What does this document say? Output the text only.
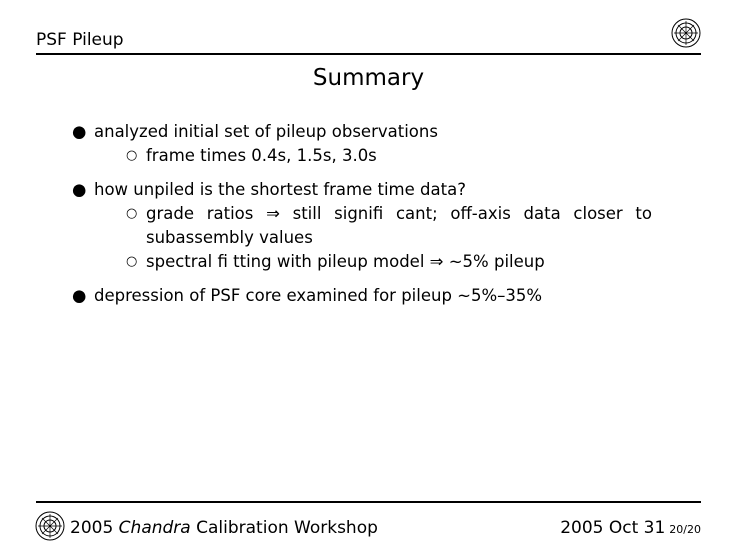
PSF Pileup
Summary
● analyzed initial set of pileup observations
○ frame times 0.4s, 1.5s, 3.0s
● how unpiled is the shortest frame time data?
○ grade ratios ⇒ still signifi cant; off-axis data closer to
subassembly values
○ spectral fi tting with pileup model ⇒ ∼5% pileup
● depression of PSF core examined for pileup ∼5%–35%
2005 Chandra Calibration Workshop	2005 Oct 31 20/20
